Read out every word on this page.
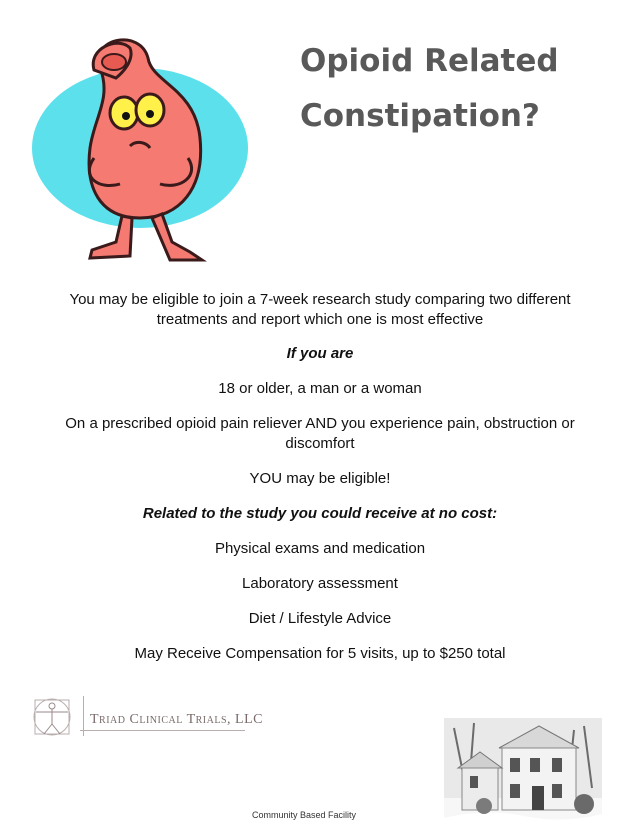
Opioid Related
Constipation?

You may be eligible to join a 7-week research study comparing two different treatments and report which one is most effective

If you are

18 or older, a man or a woman

On a prescribed opioid pain reliever AND you experience pain, obstruction or discomfort

YOU may be eligible!

Related to the study you could receive at no cost:

Physical exams and medication

Laboratory assessment

Diet / Lifestyle Advice

May Receive Compensation for 5 visits, up to $250 total

Triad Clinical Trials, LLC
Community Based Facility
